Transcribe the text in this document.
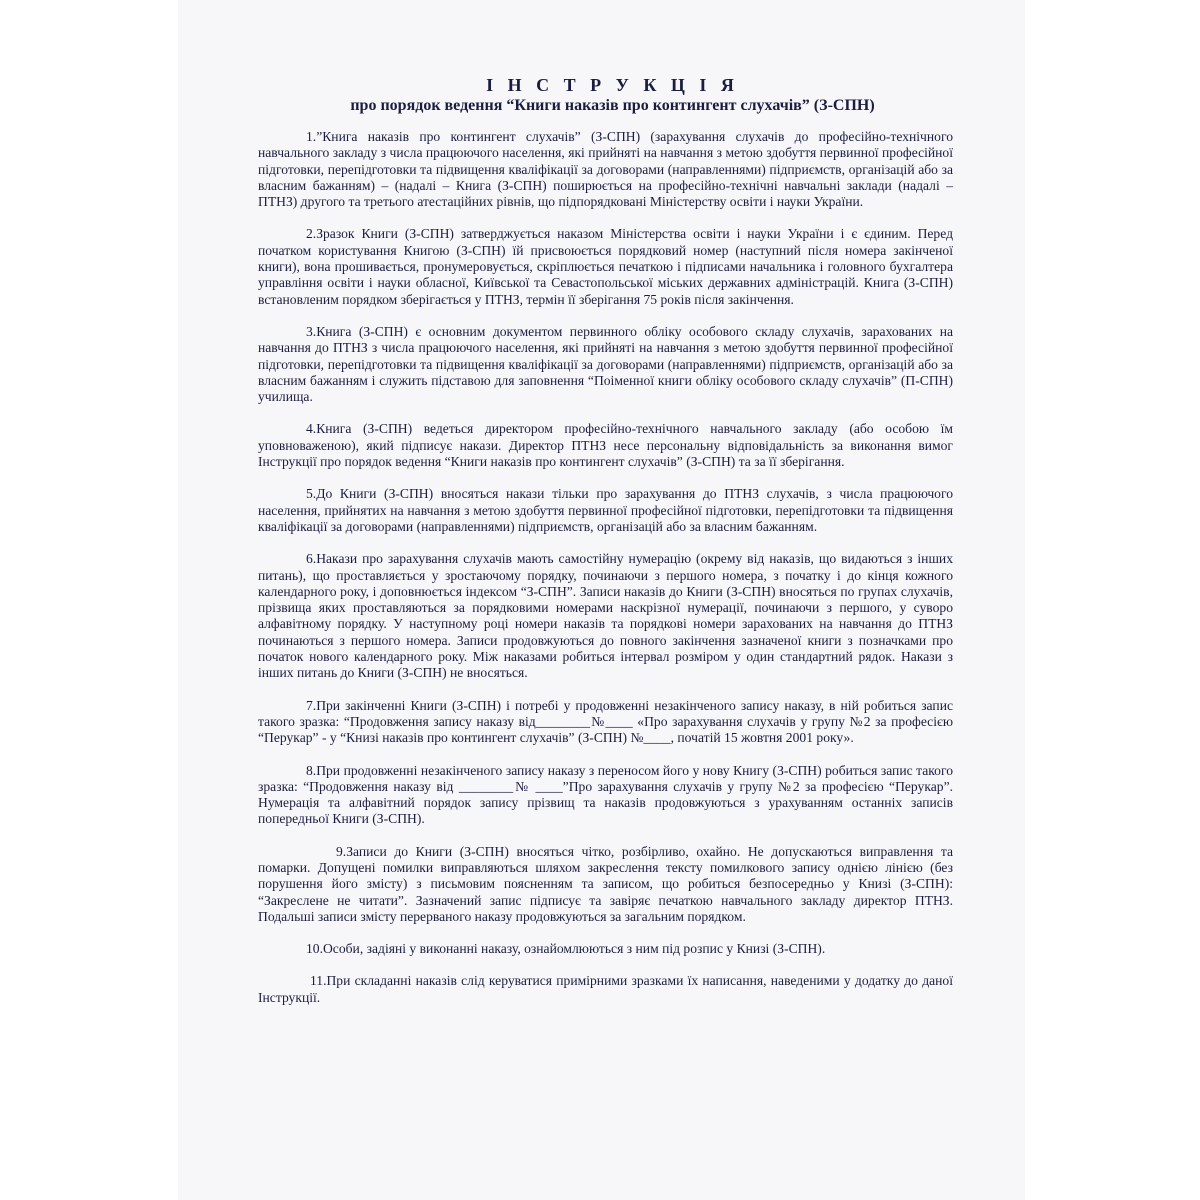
І Н С Т Р У К Ц І Я
про порядок ведення “Книги наказів про контингент слухачів” (З-СПН)

1.”Книга наказів про контингент слухачів” (З-СПН) (зарахування слухачів до професійно-технічного навчального закладу з числа працюючого населення, які прийняті на навчання з метою здобуття первинної професійної підготовки, перепідготовки та підвищення кваліфікації за договорами (направленнями) підприємств, організацій або за власним бажанням) – (надалі – Книга (З-СПН) поширюється на професійно-технічні навчальні заклади (надалі – ПТНЗ) другого та третього атестаційних рівнів, що підпорядковані Міністерству освіти і науки України.

2.Зразок Книги (З-СПН) затверджується наказом Міністерства освіти і науки України і є єдиним. Перед початком користування Книгою (З-СПН) їй присвоюється порядковий номер (наступний після номера закінченої книги), вона прошивається, пронумеровується, скріплюється печаткою і підписами начальника і головного бухгалтера управління освіти і науки обласної, Київської та Севастопольської міських державних адміністрацій. Книга (З-СПН) встановленим порядком зберігається у ПТНЗ, термін її зберігання 75 років після закінчення.

3.Книга (З-СПН) є основним документом первинного обліку особового складу слухачів, зарахованих на навчання до ПТНЗ з числа працюючого населення, які прийняті на навчання з метою здобуття первинної професійної підготовки, перепідготовки та підвищення кваліфікації за договорами (направленнями) підприємств, організацій або за власним бажанням і служить підставою для заповнення “Поіменної книги обліку особового складу слухачів” (П-СПН) училища.

4.Книга (З-СПН) ведеться директором професійно-технічного навчального закладу (або особою їм уповноваженою), який підписує накази. Директор ПТНЗ несе персональну відповідальність за виконання вимог Інструкції про порядок ведення “Книги наказів про контингент слухачів” (З-СПН) та за її зберігання.

5.До Книги (З-СПН) вносяться накази тільки про зарахування до ПТНЗ слухачів, з числа працюючого населення, прийнятих на навчання з метою здобуття первинної професійної підготовки, перепідготовки та підвищення кваліфікації за договорами (направленнями) підприємств, організацій або за власним бажанням.

6.Накази про зарахування слухачів мають самостійну нумерацію (окрему від наказів, що видаються з інших питань), що проставляється у зростаючому порядку, починаючи з першого номера, з початку і до кінця кожного календарного року, і доповнюється індексом “З-СПН”. Записи наказів до Книги (З-СПН) вносяться по групах слухачів, прізвища яких проставляються за порядковими номерами наскрізної нумерації, починаючи з першого, у суворо алфавітному порядку. У наступному році номери наказів та порядкові номери зарахованих на навчання до ПТНЗ починаються з першого номера. Записи продовжуються до повного закінчення зазначеної книги з позначками про початок нового календарного року. Між наказами робиться інтервал розміром у один стандартний рядок. Накази з інших питань до Книги (З-СПН) не вносяться.

7.При закінченні Книги (З-СПН) і потребі у продовженні незакінченого запису наказу, в ній робиться запис такого зразка: “Продовження запису наказу від________№____ «Про зарахування слухачів у групу №2 за професією “Перукар” - у “Книзі наказів про контингент слухачів” (З-СПН) №____, початій 15 жовтня 2001 року».

8.При продовженні незакінченого запису наказу з переносом його у нову Книгу (З-СПН) робиться запис такого зразка: “Продовження наказу від ________№ ____”Про зарахування слухачів у групу №2 за професією “Перукар”. Нумерація та алфавітний порядок запису прізвищ та наказів продовжуються з урахуванням останніх записів попередньої Книги (З-СПН).

9.Записи до Книги (З-СПН) вносяться чітко, розбірливо, охайно. Не допускаються виправлення та помарки. Допущені помилки виправляються шляхом закреслення тексту помилкового запису однією лінією (без порушення його змісту) з письмовим поясненням та записом, що робиться безпосередньо у Книзі (З-СПН): “Закреслене не читати”. Зазначений запис підписує та завіряє печаткою навчального закладу директор ПТНЗ. Подальші записи змісту перерваного наказу продовжуються за загальним порядком.

10.Особи, задіяні у виконанні наказу, ознайомлюються з ним під розпис у Книзі (З-СПН).

11.При складанні наказів слід керуватися примірними зразками їх написання, наведеними у додатку до даної Інструкції.
